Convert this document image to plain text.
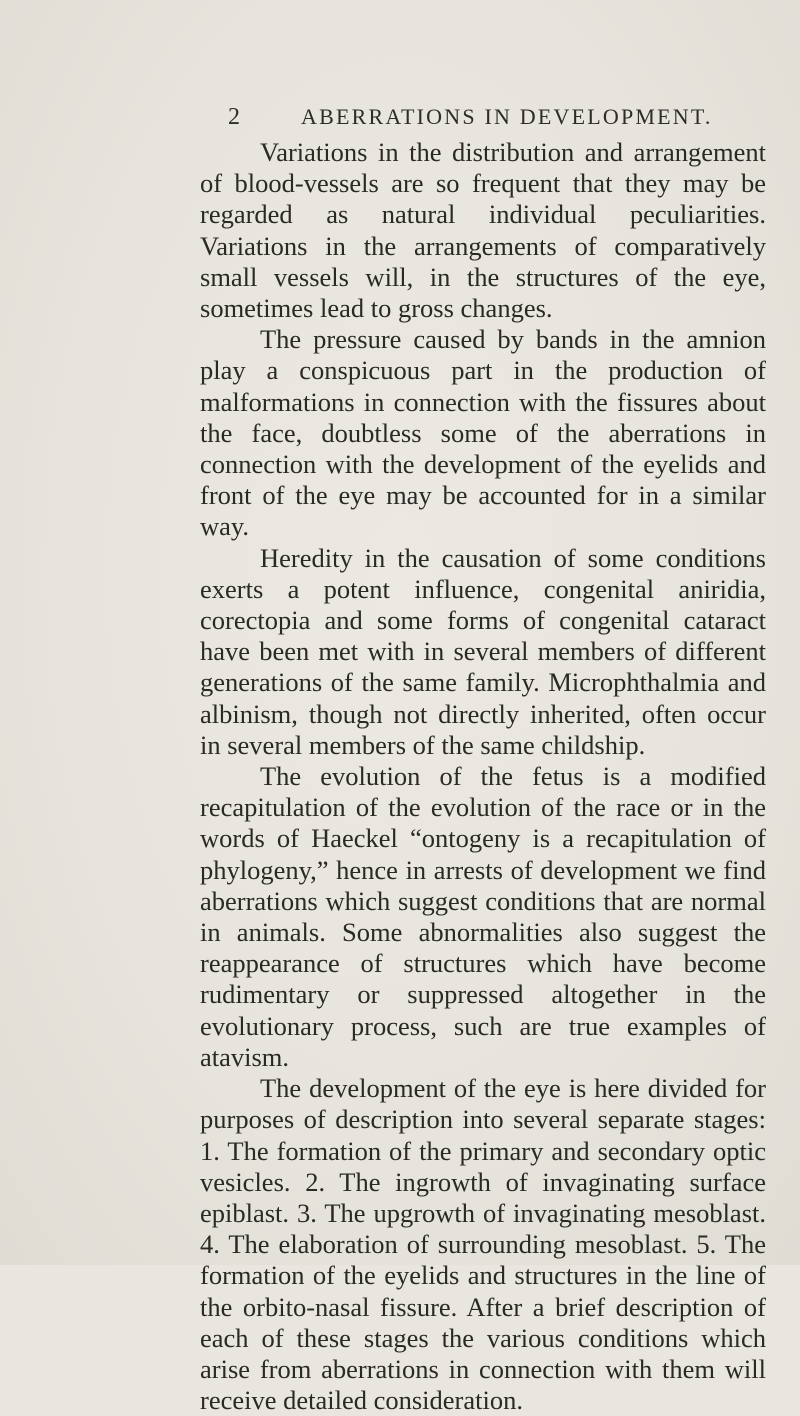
2	ABERRATIONS IN DEVELOPMENT.

Variations in the distribution and arrangement of blood-vessels are so frequent that they may be regarded as natural individual peculiarities. Variations in the arrangements of comparatively small vessels will, in the structures of the eye, sometimes lead to gross changes.

The pressure caused by bands in the amnion play a conspicuous part in the production of malformations in connection with the fissures about the face, doubtless some of the aberrations in connection with the development of the eyelids and front of the eye may be accounted for in a similar way.

Heredity in the causation of some conditions exerts a potent influence, congenital aniridia, corectopia and some forms of congenital cataract have been met with in several members of different generations of the same family. Microphthalmia and albinism, though not directly inherited, often occur in several members of the same childship.

The evolution of the fetus is a modified recapitulation of the evolution of the race or in the words of Haeckel “ontogeny is a recapitulation of phylogeny,” hence in arrests of development we find aberrations which suggest conditions that are normal in animals. Some abnormalities also suggest the reappearance of structures which have become rudimentary or suppressed altogether in the evolutionary process, such are true examples of atavism.

The development of the eye is here divided for purposes of description into several separate stages: 1. The formation of the primary and secondary optic vesicles. 2. The ingrowth of invaginating surface epiblast. 3. The upgrowth of invaginating mesoblast. 4. The elaboration of surrounding mesoblast. 5. The formation of the eyelids and structures in the line of the orbito-nasal fissure. After a brief description of each of these stages the various conditions which arise from aberrations in connection with them will receive detailed consideration.
